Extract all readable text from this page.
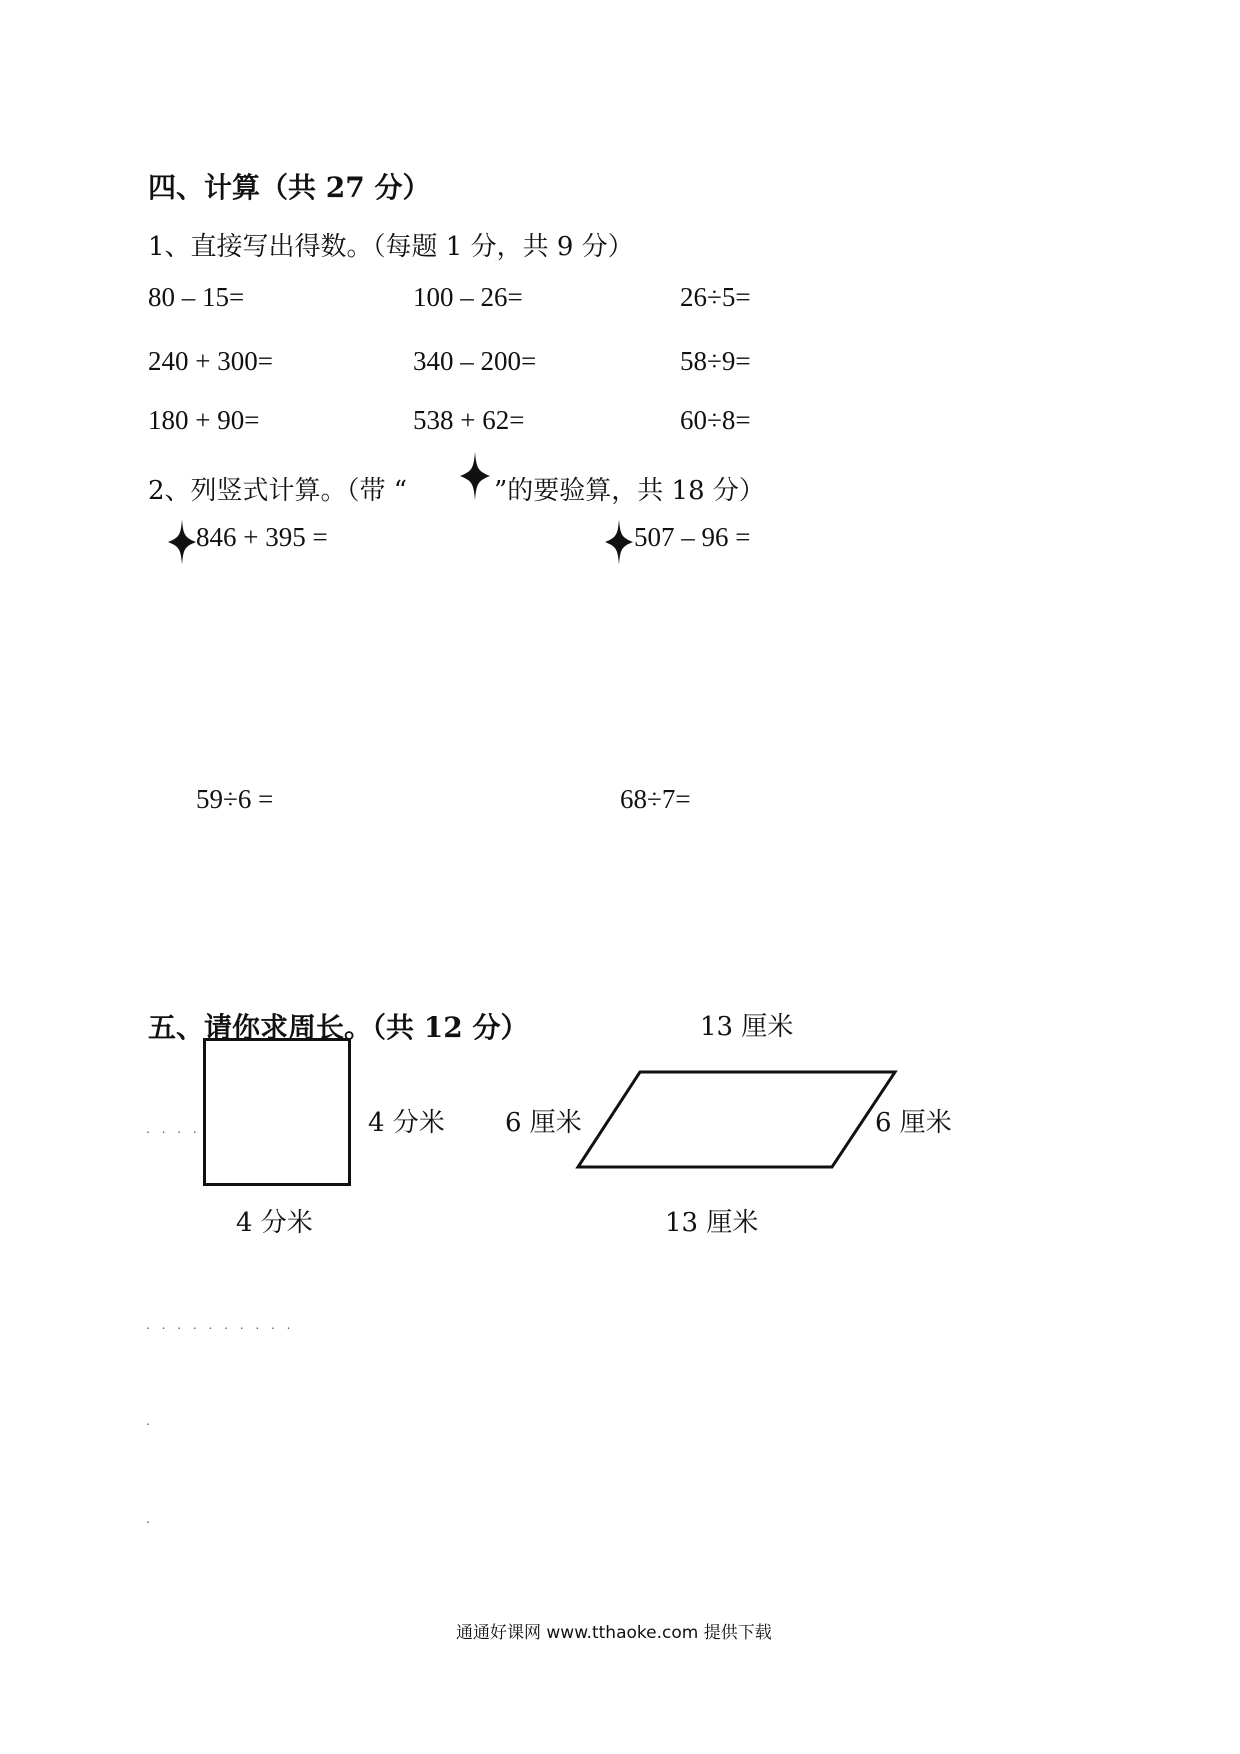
四、计算（共 27 分）
1、直接写出得数。（每题 1 分，共 9 分）
80 – 15=	100 – 26=	26÷5=
240 + 300=	340 – 200=	58÷9=
180 + 90=	538 + 62=	60÷8=
2、列竖式计算。（带 “	”的要验算，共 18 分）
846 + 395 =	507 – 96 =
59÷6 =	68÷7=
五、请你求周长。（共 12 分）	13 厘米
4 分米
4 分米
6 厘米	6 厘米
13 厘米
. . . .
. . . . . . . . . .
.
.
通通好课网 www.tthaoke.com 提供下载
